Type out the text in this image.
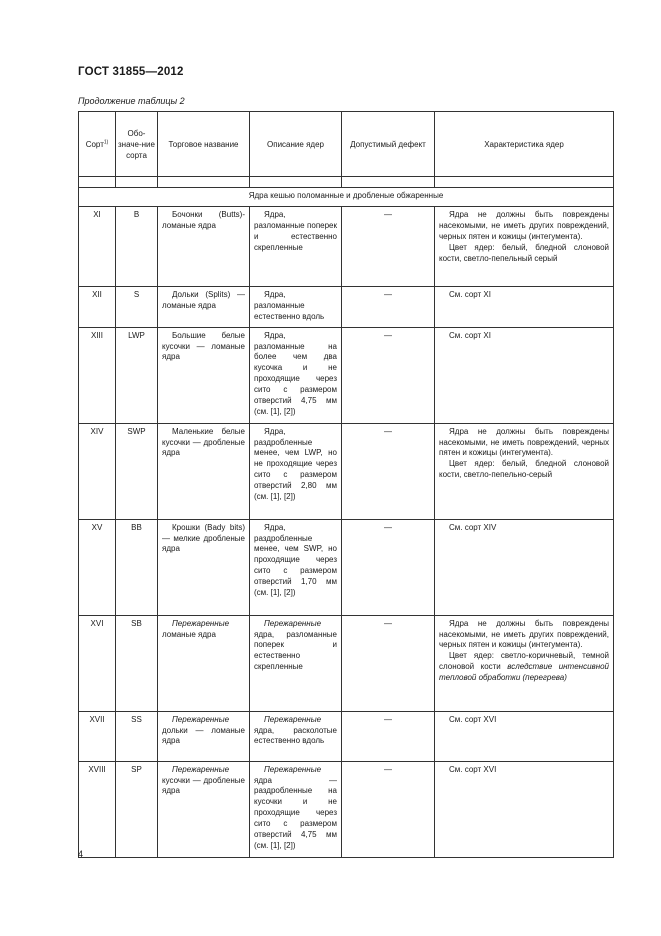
ГОСТ 31855—2012
Продолжение таблицы 2
Сорт$^{1)}$	Обо-значе-ние сорта	Торговое название	Описание ядер	Допустимый дефект	Характеристика ядер

Ядра кешью поломанные и дробленые обжаренные					
XI	B	Бочонки (Butts)-ломаные ядра	Ядра, разломанные поперек и естественно скрепленные	—	Ядра не должны быть повреждены насекомыми, не иметь других повреждений, черных пятен и кожицы (интегумента).
Цвет ядер: белый, бледной слоновой кости, светло-пепельный серый

XII	S	Дольки (Splits) — ломаные ядра	Ядра, разломанные естественно вдоль	—	См. сорт XI
XIII	LWP	Большие белые кусочки — ломаные ядра	Ядра, разломанные на более чем два кусочка и не проходящие через сито с размером отверстий 4,75 мм (см. [1], [2])	—	См. сорт XI
XIV	SWP	Маленькие белые кусочки — дробленые ядра	Ядра, раздробленные менее, чем LWP, но не проходящие через сито с размером отверстий 2,80 мм (см. [1], [2])	—	Ядра не должны быть повреждены насекомыми, не иметь повреждений, черных пятен и кожицы (интегумента).
Цвет ядер: белый, бледной слоновой кости, светло-пепельно-серый

XV	BB	Крошки (Bady bits) — мелкие дробленые ядра	Ядра, раздробленные менее, чем SWP, но проходящие через сито с размером отверстий 1,70 мм (см. [1], [2])	—	См. сорт XIV
XVI	SB	Пережаренные ломаные ядра	Пережаренные ядра, разломанные поперек и естественно скрепленные	—	Ядра не должны быть повреждены насекомыми, не иметь других повреждений, черных пятен и кожицы (интегумента).
Цвет ядер: светло-коричневый, темной слоновой кости вследствие интенсивной тепловой обработки (перегрева)

XVII	SS	Пережаренные дольки — ломаные ядра	Пережаренные ядра, расколотые естественно вдоль	—	См. сорт XVI
XVIII	SP	Пережаренные кусочки — дробленые ядра	Пережаренные ядра — раздробленные на кусочки и не проходящие через сито с размером отверстий 4,75 мм (см. [1], [2])	—	См. сорт XVI
4
